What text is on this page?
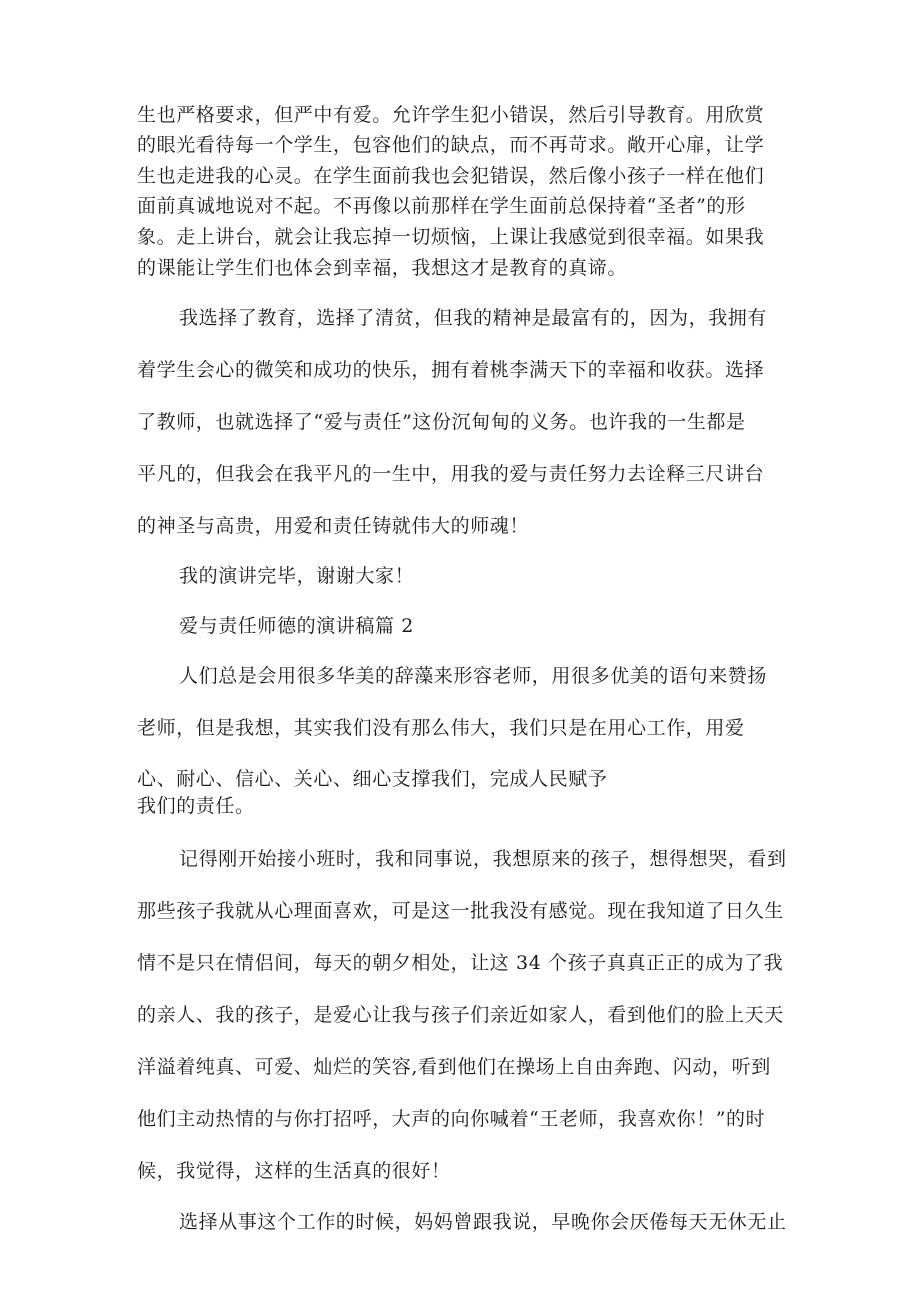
生也严格要求，但严中有爱。允许学生犯小错误，然后引导教育。用欣赏
的眼光看待每一个学生，包容他们的缺点，而不再苛求。敞开心扉，让学
生也走进我的心灵。在学生面前我也会犯错误，然后像小孩子一样在他们
面前真诚地说对不起。不再像以前那样在学生面前总保持着“圣者”的形
象。走上讲台，就会让我忘掉一切烦恼，上课让我感觉到很幸福。如果我
的课能让学生们也体会到幸福，我想这才是教育的真谛。
我选择了教育，选择了清贫，但我的精神是最富有的，因为，我拥有
着学生会心的微笑和成功的快乐，拥有着桃李满天下的幸福和收获。选择
了教师，也就选择了“爱与责任”这份沉甸甸的义务。也许我的一生都是
平凡的，但我会在我平凡的一生中，用我的爱与责任努力去诠释三尺讲台
的神圣与高贵，用爱和责任铸就伟大的师魂！
我的演讲完毕，谢谢大家！
爱与责任师德的演讲稿篇 2
人们总是会用很多华美的辞藻来形容老师，用很多优美的语句来赞扬
老师，但是我想，其实我们没有那么伟大，我们只是在用心工作，用爱
心、耐心、信心、关心、细心支撑我们，完成人民赋予
我们的责任。
记得刚开始接小班时，我和同事说，我想原来的孩子，想得想哭，看到
那些孩子我就从心理面喜欢，可是这一批我没有感觉。现在我知道了日久生
情不是只在情侣间，每天的朝夕相处，让这 34 个孩子真真正正的成为了我
的亲人、我的孩子，是爱心让我与孩子们亲近如家人，看到他们的脸上天天
洋溢着纯真、可爱、灿烂的笑容,看到他们在操场上自由奔跑、闪动，听到
他们主动热情的与你打招呼，大声的向你喊着“王老师，我喜欢你！”的时
候，我觉得，这样的生活真的很好！
选择从事这个工作的时候，妈妈曾跟我说，早晚你会厌倦每天无休无止
